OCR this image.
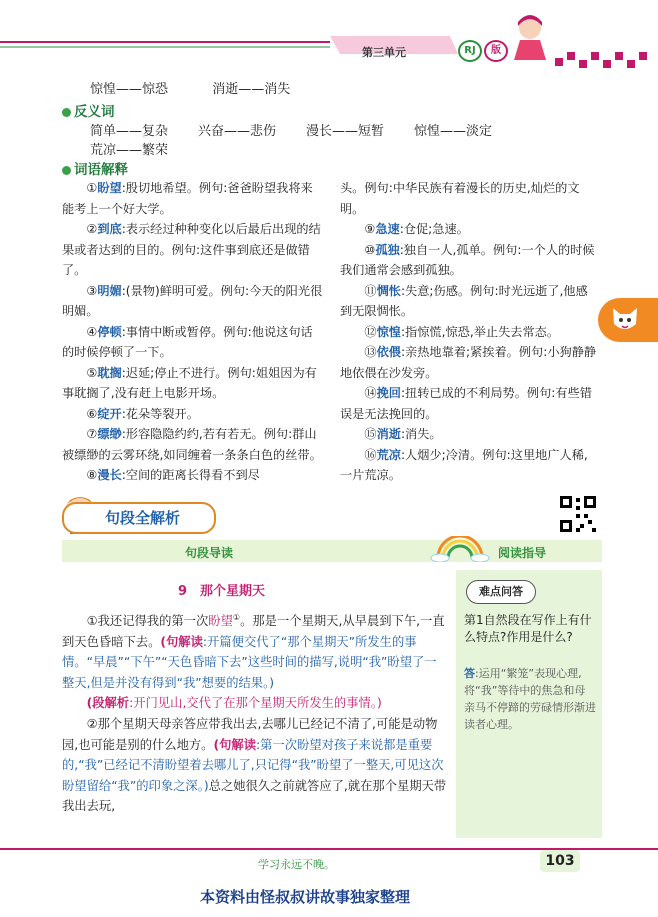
第三单元	RJ	版
惊惶——惊恐	消逝——消失
反义词
简单——复杂 兴奋——悲伤 漫长——短暂 惊惶——淡定
荒凉——繁荣
词语解释

①盼望:殷切地希望。例句:爸爸盼望我将来能考上一个好大学。

②到底:表示经过种种变化以后最后出现的结果或者达到的目的。例句:这件事到底还是做错了。

③明媚:(景物)鲜明可爱。例句:今天的阳光很明媚。

④停顿:事情中断或暂停。例句:他说这句话的时候停顿了一下。

⑤耽搁:迟延;停止不进行。例句:姐姐因为有事耽搁了,没有赶上电影开场。

⑥绽开:花朵等裂开。

⑦缥缈:形容隐隐约约,若有若无。例句:群山被缥缈的云雾环绕,如同缠着一条条白色的丝带。

⑧漫长:空间的距离长得看不到尽

头。例句:中华民族有着漫长的历史,灿烂的文明。

⑨急速:仓促;急速。

⑩孤独:独自一人,孤单。例句:一个人的时候我们通常会感到孤独。

⑪惆怅:失意;伤感。例句:时光远逝了,他感到无限惆怅。

⑫惊惶:指惊慌,惊恐,举止失去常态。

⑬依偎:亲热地靠着;紧挨着。例句:小狗静静地依偎在沙发旁。

⑭挽回:扭转已成的不利局势。例句:有些错误是无法挽回的。

⑮消逝:消失。

⑯荒凉:人烟少;冷清。例句:这里地广人稀,一片荒凉。

句段全解析
句段导读	阅读指导
9　那个星期天

①我还记得我的第一次盼望①。那是一个星期天,从早晨到下午,一直到天色昏暗下去。(句解读:开篇便交代了“那个星期天”所发生的事情。“早晨”“下午”“天色昏暗下去”这些时间的描写,说明“我”盼望了一整天,但是并没有得到“我”想要的结果。)

(段解析:开门见山,交代了在那个星期天所发生的事情。)

②那个星期天母亲答应带我出去,去哪儿已经记不清了,可能是动物园,也可能是别的什么地方。(句解读:第一次盼望对孩子来说都是重要的,“我”已经记不清盼望着去哪儿了,只记得“我”盼望了一整天,可见这次盼望留给“我”的印象之深。)总之她很久之前就答应了,就在那个星期天带我出去玩,

难点问答
第1自然段在写作上有什么特点?作用是什么?
答:运用“繁笼”表现心理,将“我”等待中的焦急和母亲马不停蹄的劳碌情形渐进读者心理。
学习永远不晚。	103
本资料由怪叔叔讲故事独家整理
